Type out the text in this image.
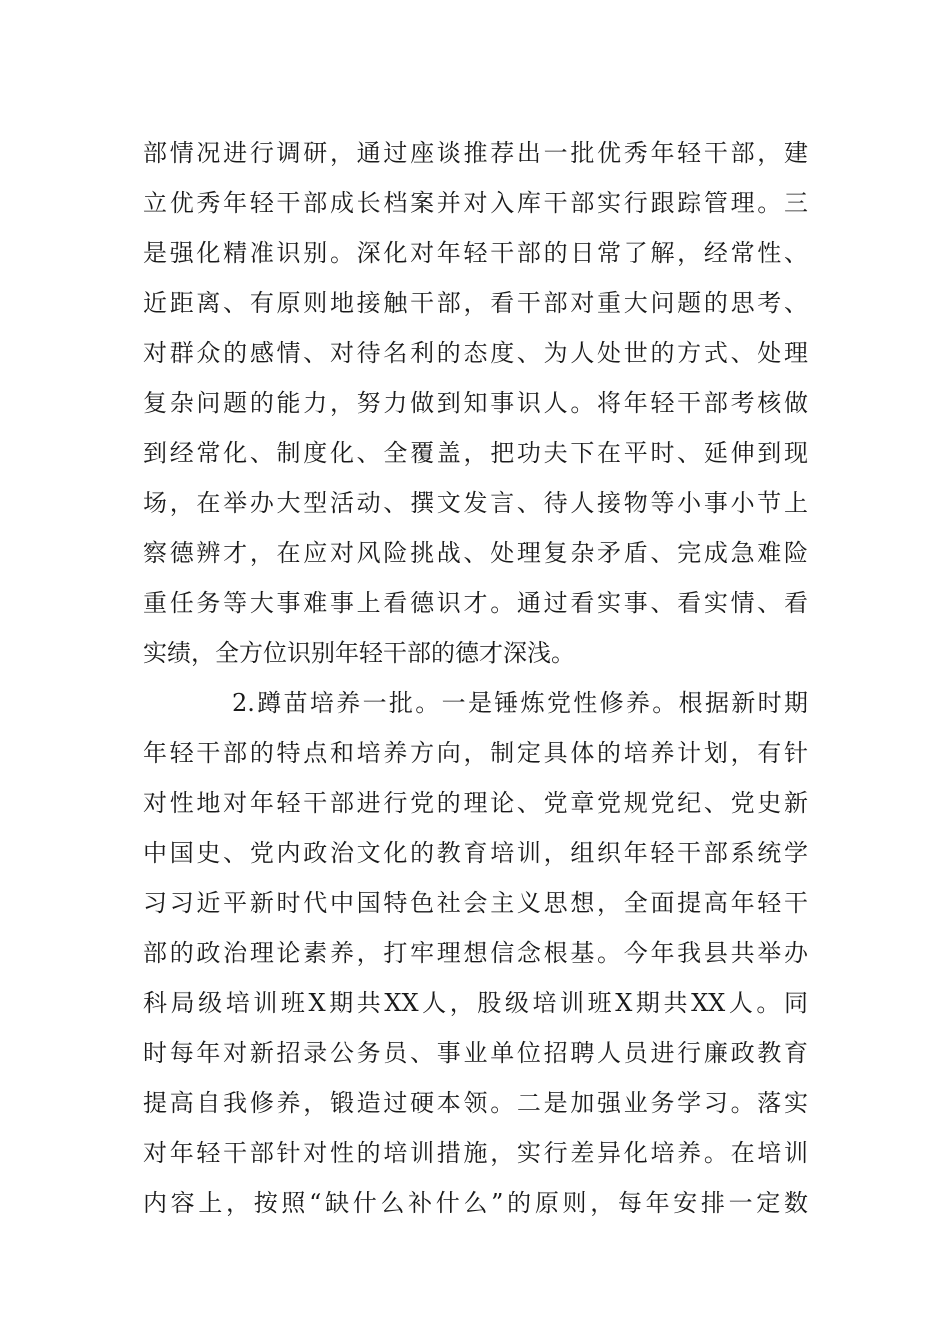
部情况进行调研，通过座谈推荐出一批优秀年轻干部，建
立优秀年轻干部成长档案并对入库干部实行跟踪管理。三
是强化精准识别。深化对年轻干部的日常了解，经常性、
近距离、有原则地接触干部，看干部对重大问题的思考、
对群众的感情、对待名利的态度、为人处世的方式、处理
复杂问题的能力，努力做到知事识人。将年轻干部考核做
到经常化、制度化、全覆盖，把功夫下在平时、延伸到现
场，在举办大型活动、撰文发言、待人接物等小事小节上
察德辨才，在应对风险挑战、处理复杂矛盾、完成急难险
重任务等大事难事上看德识才。通过看实事、看实情、看
实绩，全方位识别年轻干部的德才深浅。
2.蹲苗培养一批。一是锤炼党性修养。根据新时期
年轻干部的特点和培养方向，制定具体的培养计划，有针
对性地对年轻干部进行党的理论、党章党规党纪、党史新
中国史、党内政治文化的教育培训，组织年轻干部系统学
习习近平新时代中国特色社会主义思想，全面提高年轻干
部的政治理论素养，打牢理想信念根基。今年我县共举办
科局级培训班X期共XX人，股级培训班X期共XX人。同
时每年对新招录公务员、事业单位招聘人员进行廉政教育
提高自我修养，锻造过硬本领。二是加强业务学习。落实
对年轻干部针对性的培训措施，实行差异化培养。在培训
内容上，按照“缺什么补什么”的原则，每年安排一定数
